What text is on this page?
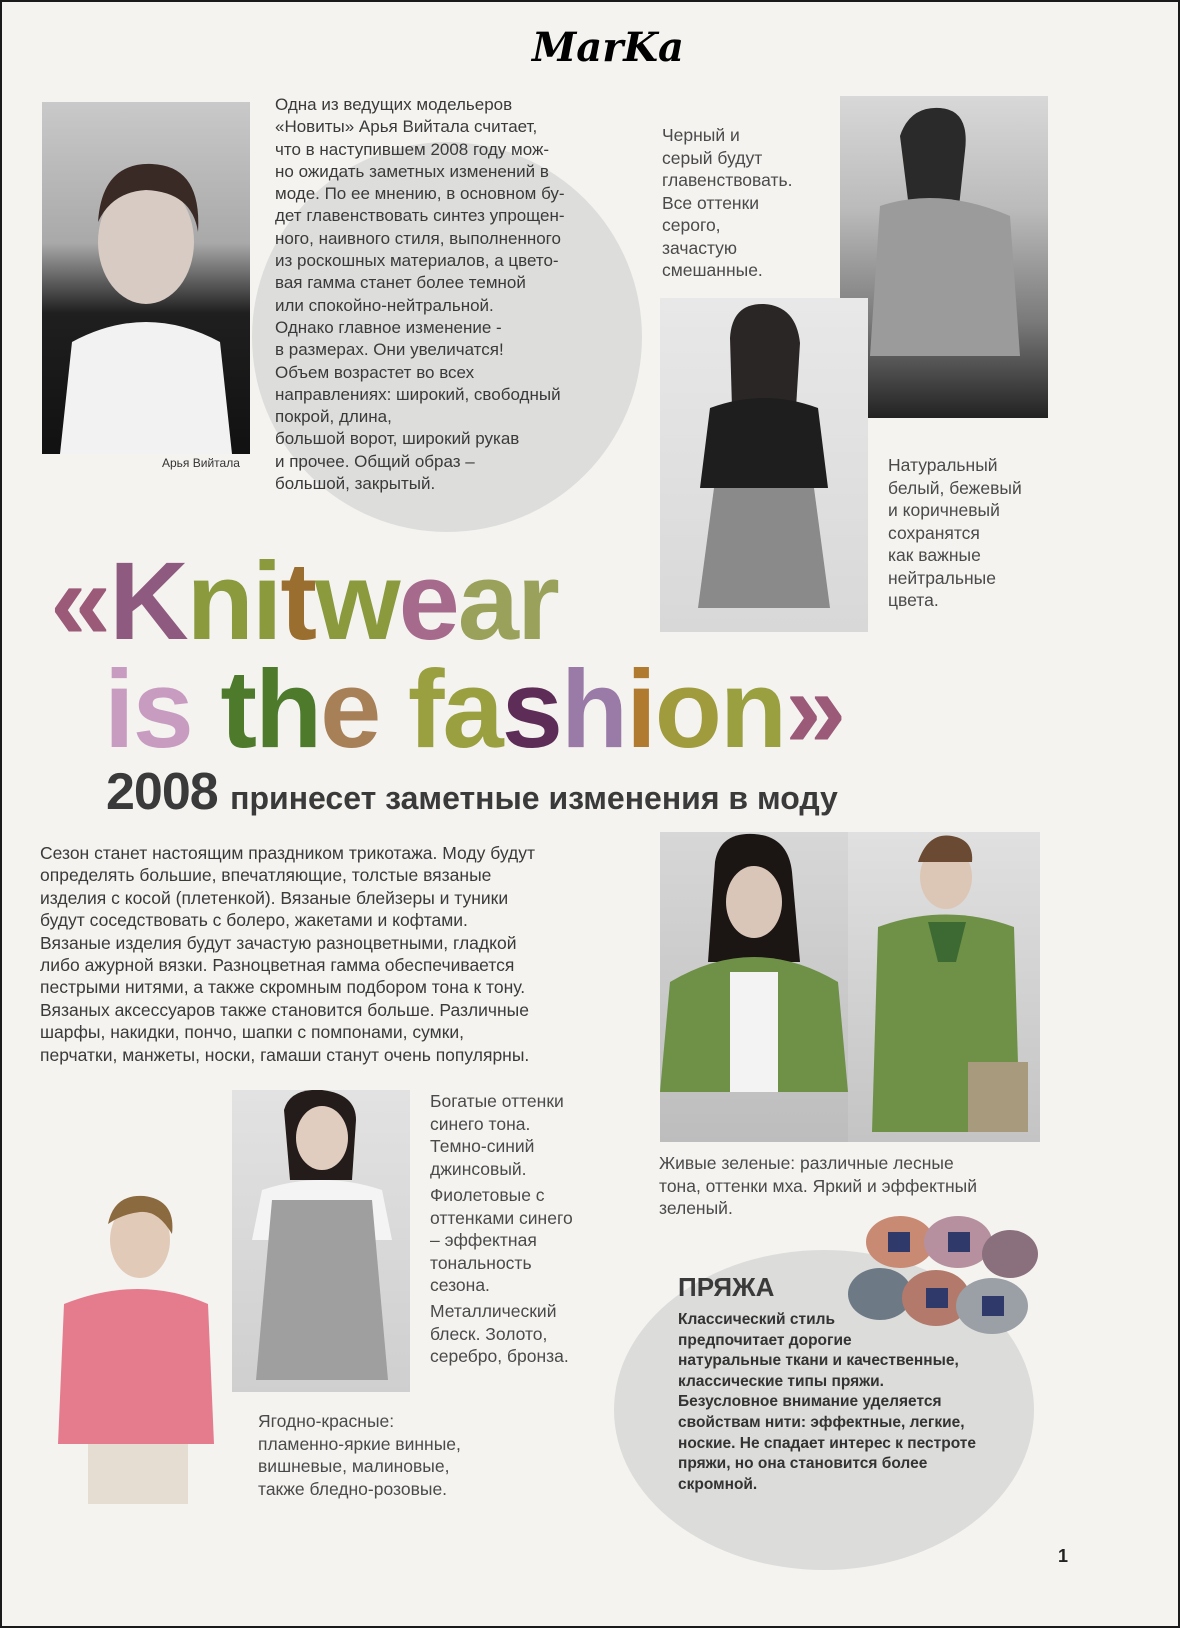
MarKa
Арья Вийтала
Одна из ведущих модельеров
«Новиты» Арья Вийтала считает,
что в наступившем 2008 году мож-
но ожидать заметных изменений в
моде. По ее мнению, в основном бу-
дет главенствовать синтез упрощен-
ного, наивного стиля, выполненного
из роскошных материалов, а цвето-
вая гамма станет более темной
или спокойно-нейтральной.
Однако главное изменение -
в размерах. Они увеличатся!
Объем возрастет во всех
направлениях: широкий, свободный
покрой, длина,
большой ворот, широкий рукав
и прочее. Общий образ –
большой, закрытый.
Черный и
серый будут
главенствовать.
Все оттенки
серого,
зачастую
смешанные.
Натуральный
белый, бежевый
и коричневый
сохранятся
как важные
нейтральные
цвета.
«Knitwear
is the fashion»
2008 принесет заметные изменения в моду
Сезон станет настоящим праздником трикотажа. Моду будут
определять большие, впечатляющие, толстые вязаные
изделия с косой (плетенкой). Вязаные блейзеры и туники
будут соседствовать с болеро, жакетами и кофтами.
Вязаные изделия будут зачастую разноцветными, гладкой
либо ажурной вязки. Разноцветная гамма обеспечивается
пестрыми нитями, а также скромным подбором тона к тону.
Вязаных аксессуаров также становится больше. Различные
шарфы, накидки, пончо, шапки с помпонами, сумки,
перчатки, манжеты, носки, гамаши станут очень популярны.
Живые зеленые: различные лесные
тона, оттенки мха. Яркий и эффектный
зеленый.
ПРЯЖА
Классический стиль
предпочитает дорогие
натуральные ткани и качественные,
классические типы пряжи.
Безусловное внимание уделяется
свойствам нити: эффектные, легкие,
ноские. Не спадает интерес к пестроте
пряжи, но она становится более
скромной.
Богатые оттенки
синего тона.
Темно-синий
джинсовый.
Фиолетовые с
оттенками синего
– эффектная
тональность
сезона.
Металлический
блеск. Золото,
серебро, бронза.
Ягодно-красные:
пламенно-яркие винные,
вишневые, малиновые,
также бледно-розовые.
1
